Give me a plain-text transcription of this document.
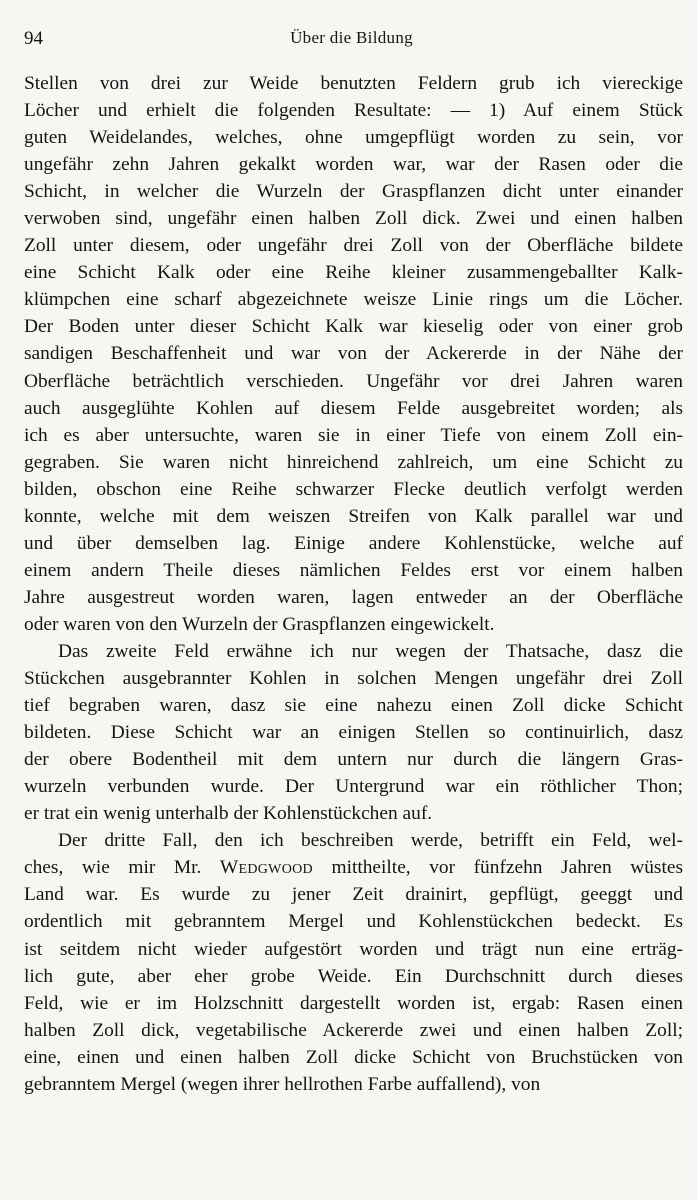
94	Über die Bildung

Stellen von drei zur Weide benutzten Feldern grub ich viereckige
Löcher und erhielt die folgenden Resultate: — 1) Auf einem Stück
guten Weidelandes, welches, ohne umgepflügt worden zu sein, vor
ungefähr zehn Jahren gekalkt worden war, war der Rasen oder die
Schicht, in welcher die Wurzeln der Graspflanzen dicht unter einander
verwoben sind, ungefähr einen halben Zoll dick. Zwei und einen halben
Zoll unter diesem, oder ungefähr drei Zoll von der Oberfläche bildete
eine Schicht Kalk oder eine Reihe kleiner zusammengeballter Kalk-
klümpchen eine scharf abgezeichnete weisze Linie rings um die Löcher.
Der Boden unter dieser Schicht Kalk war kieselig oder von einer grob
sandigen Beschaffenheit und war von der Ackererde in der Nähe der
Oberfläche beträchtlich verschieden. Ungefähr vor drei Jahren waren
auch ausgeglühte Kohlen auf diesem Felde ausgebreitet worden; als
ich es aber untersuchte, waren sie in einer Tiefe von einem Zoll ein-
gegraben. Sie waren nicht hinreichend zahlreich, um eine Schicht zu
bilden, obschon eine Reihe schwarzer Flecke deutlich verfolgt werden
konnte, welche mit dem weiszen Streifen von Kalk parallel war und
und über demselben lag. Einige andere Kohlenstücke, welche auf
einem andern Theile dieses nämlichen Feldes erst vor einem halben
Jahre ausgestreut worden waren, lagen entweder an der Oberfläche
oder waren von den Wurzeln der Graspflanzen eingewickelt.

Das zweite Feld erwähne ich nur wegen der Thatsache, dasz die
Stückchen ausgebrannter Kohlen in solchen Mengen ungefähr drei Zoll
tief begraben waren, dasz sie eine nahezu einen Zoll dicke Schicht
bildeten. Diese Schicht war an einigen Stellen so continuirlich, dasz
der obere Bodentheil mit dem untern nur durch die längern Gras-
wurzeln verbunden wurde. Der Untergrund war ein röthlicher Thon;
er trat ein wenig unterhalb der Kohlenstückchen auf.

Der dritte Fall, den ich beschreiben werde, betrifft ein Feld, wel-
ches, wie mir Mr. Wedgwood mittheilte, vor fünfzehn Jahren wüstes
Land war. Es wurde zu jener Zeit drainirt, gepflügt, geeggt und
ordentlich mit gebranntem Mergel und Kohlenstückchen bedeckt. Es
ist seitdem nicht wieder aufgestört worden und trägt nun eine erträg-
lich gute, aber eher grobe Weide. Ein Durchschnitt durch dieses
Feld, wie er im Holzschnitt dargestellt worden ist, ergab: Rasen einen
halben Zoll dick, vegetabilische Ackererde zwei und einen halben Zoll;
eine, einen und einen halben Zoll dicke Schicht von Bruchstücken von
gebranntem Mergel (wegen ihrer hellrothen Farbe auffallend), von
